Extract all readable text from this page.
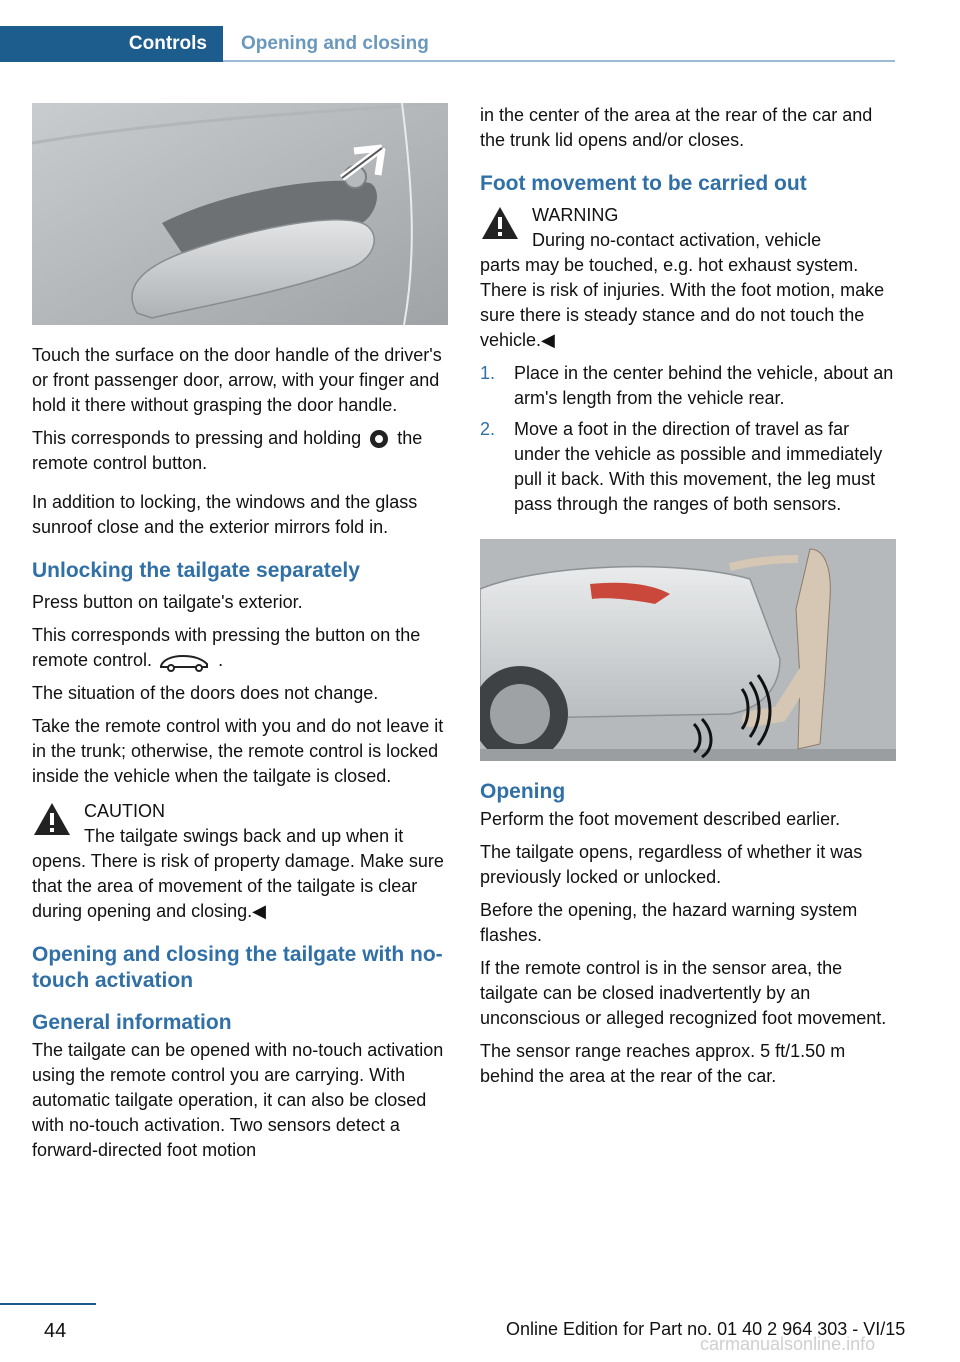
Controls	Opening and closing

Touch the surface on the door handle of the driver's or front passenger door, arrow, with your finger and hold it there without grasping the door handle.

This corresponds to pressing and holding the remote control button.

In addition to locking, the windows and the glass sunroof close and the exterior mirrors fold in.

Unlocking the tailgate separately

Press button on tailgate's exterior.

This corresponds with pressing the button on the remote control.	.

The situation of the doors does not change.

Take the remote control with you and do not leave it in the trunk; otherwise, the remote control is locked inside the vehicle when the tailgate is closed.

CAUTION
The tailgate swings back and up when it
opens. There is risk of property damage. Make sure that the area of movement of the tailgate is clear during opening and closing.◀
Opening and closing the tailgate with no-touch activation
General information

The tailgate can be opened with no-touch activation using the remote control you are carrying. With automatic tailgate operation, it can also be closed with no-touch activation. Two sensors detect a forward-directed foot motion

in the center of the area at the rear of the car and the trunk lid opens and/or closes.

Foot movement to be carried out
WARNING
During no-contact activation, vehicle
parts may be touched, e.g. hot exhaust system. There is risk of injuries. With the foot motion, make sure there is steady stance and do not touch the vehicle.◀
1. Place in the center behind the vehicle, about an arm's length from the vehicle rear.
2. Move a foot in the direction of travel as far under the vehicle as possible and immediately pull it back. With this movement, the leg must pass through the ranges of both sensors.
Opening

Perform the foot movement described earlier.

The tailgate opens, regardless of whether it was previously locked or unlocked.

Before the opening, the hazard warning system flashes.

If the remote control is in the sensor area, the tailgate can be closed inadvertently by an unconscious or alleged recognized foot movement.

The sensor range reaches approx. 5 ft/1.50 m behind the area at the rear of the car.

44	Online Edition for Part no. 01 40 2 964 303 - VI/15
carmanualsonline.info
